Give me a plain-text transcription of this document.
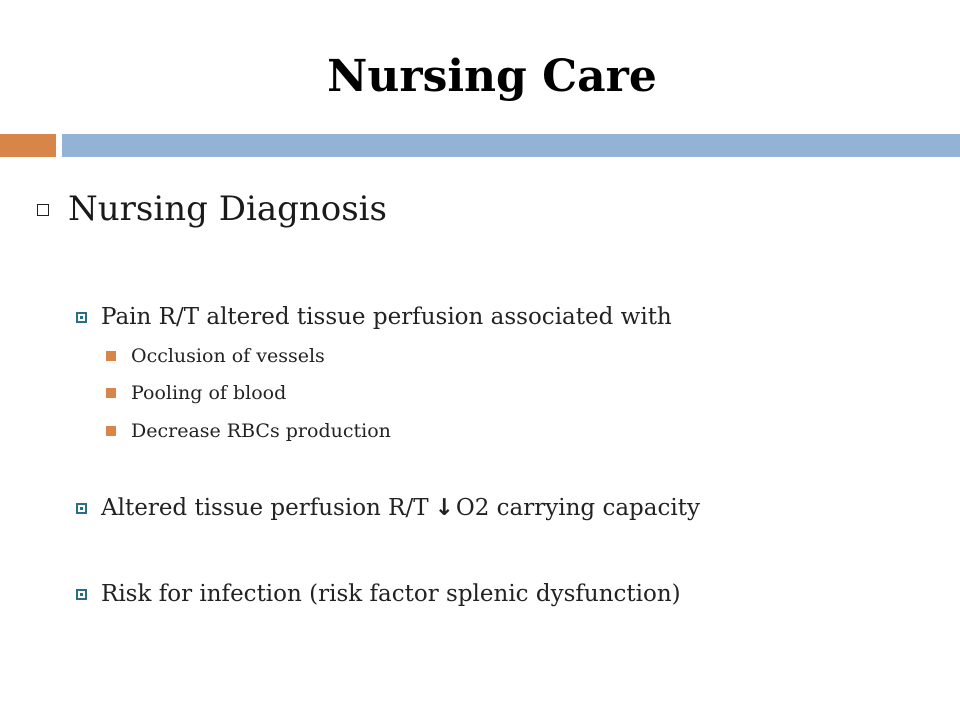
Nursing Care
Nursing Diagnosis
Pain R/T altered tissue perfusion associated with
Occlusion of vessels
Pooling of blood
Decrease RBCs production
Altered tissue perfusion R/T ↓O2 carrying capacity
Risk for infection (risk factor splenic dysfunction)
